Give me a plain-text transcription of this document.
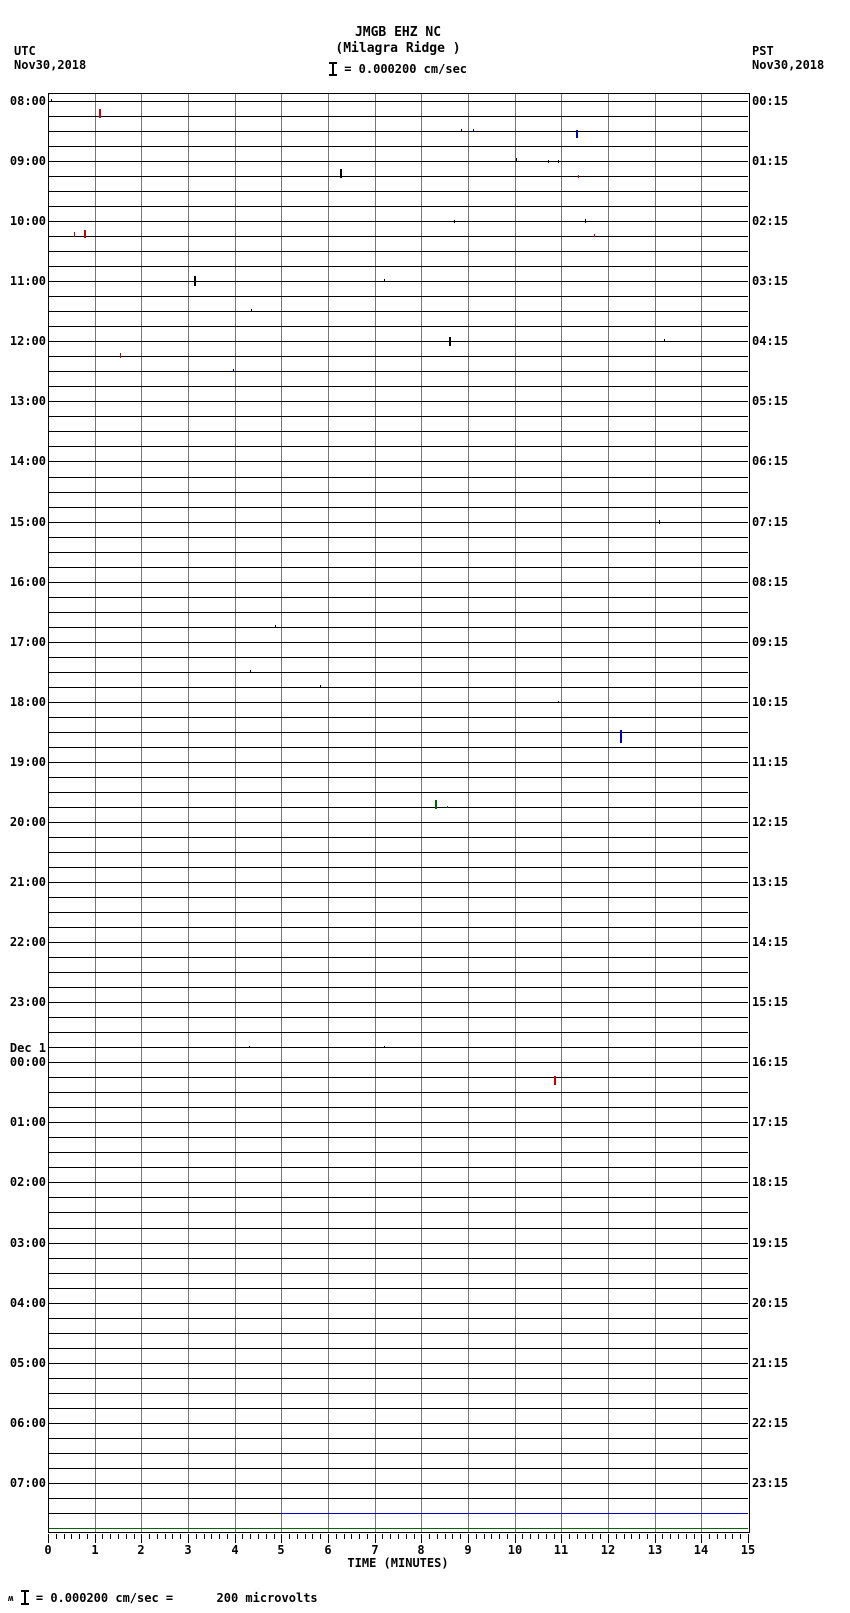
UTC
Nov30,2018
PST
Nov30,2018
JMGB EHZ NC
(Milagra Ridge )
= 0.000200 cm/sec
ʍ  = 0.000200 cm/sec =      200 microvolts
0	1	2	3	4	5	6	7	8	9	10	11	12	13	14	15
TIME (MINUTES)
08:00
09:00
10:00
11:00
12:00
13:00
14:00
15:00
16:00
17:00
18:00
19:00
20:00
21:00
22:00
23:00
Dec 1
00:00
01:00
02:00
03:00
04:00
05:00
06:00
07:00
00:15
01:15
02:15
03:15
04:15
05:15
06:15
07:15
08:15
09:15
10:15
11:15
12:15
13:15
14:15
15:15
16:15
17:15
18:15
19:15
20:15
21:15
22:15
23:15
